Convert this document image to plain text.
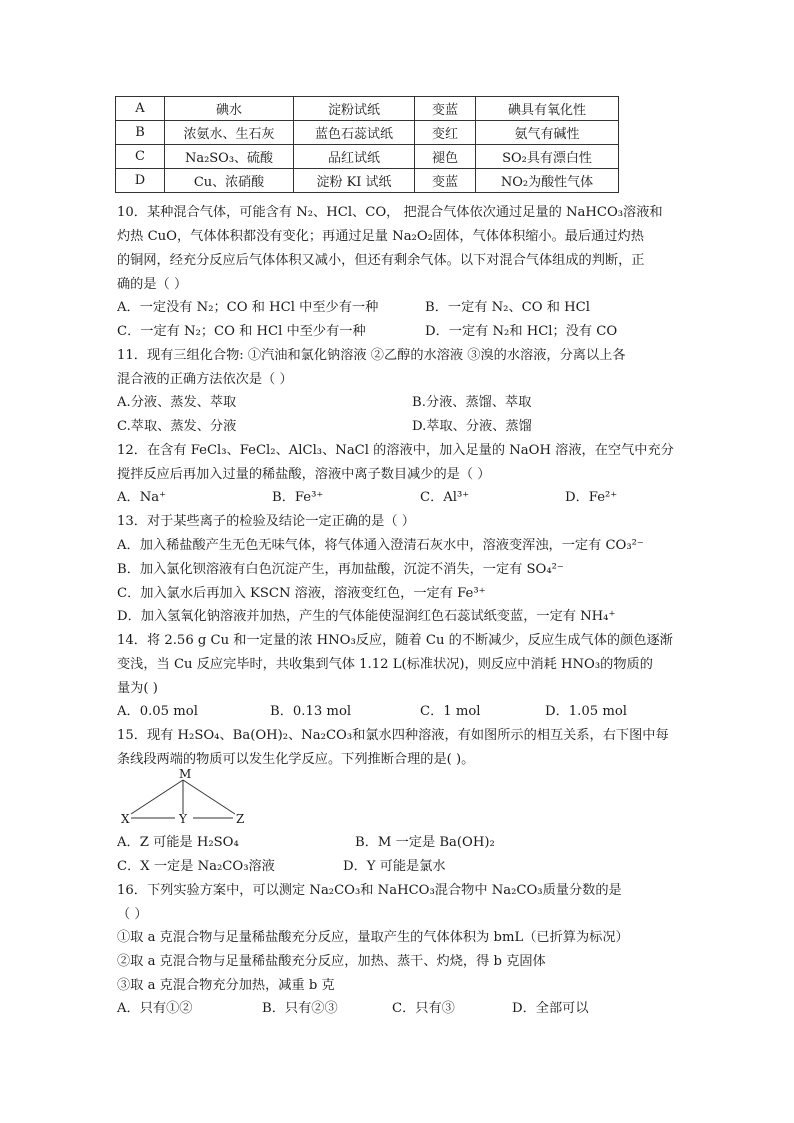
A	碘水	淀粉试纸	变蓝	碘具有氧化性
B	浓氨水、生石灰	蓝色石蕊试纸	变红	氨气有碱性
C	Na₂SO₃、硫酸	品红试纸	褪色	SO₂具有漂白性
D	Cu、浓硝酸	淀粉 KI 试纸	变蓝	NO₂为酸性气体
10．某种混合气体，可能含有 N₂、HCl、CO， 把混合气体依次通过足量的 NaHCO₃溶液和
灼热 CuO，气体体积都没有变化；再通过足量 Na₂O₂固体，气体体积缩小。最后通过灼热
的铜网，经充分反应后气体体积又减小，但还有剩余气体。以下对混合气体组成的判断，正
确的是（ ）
A．一定没有 N₂；CO 和 HCl 中至少有一种	B．一定有 N₂、CO 和 HCl
C．一定有 N₂；CO 和 HCl 中至少有一种	D．一定有 N₂和 HCl；没有 CO
11．现有三组化合物: ①汽油和氯化钠溶液 ②乙醇的水溶液 ③溴的水溶液，分离以上各
混合液的正确方法依次是（ ）
A.分液、蒸发、萃取	B.分液、蒸馏、萃取
C.萃取、蒸发、分液	D.萃取、分液、蒸馏
12．在含有 FeCl₃、FeCl₂、AlCl₃、NaCl 的溶液中，加入足量的 NaOH 溶液，在空气中充分
搅拌反应后再加入过量的稀盐酸，溶液中离子数目减少的是（ ）
A．Na⁺	B．Fe³⁺	C．Al³⁺	D．Fe²⁺
13．对于某些离子的检验及结论一定正确的是（ ）
A．加入稀盐酸产生无色无味气体，将气体通入澄清石灰水中，溶液变浑浊，一定有 CO₃²⁻
B．加入氯化钡溶液有白色沉淀产生，再加盐酸，沉淀不消失，一定有 SO₄²⁻
C．加入氯水后再加入 KSCN 溶液，溶液变红色，一定有 Fe³⁺
D．加入氢氧化钠溶液并加热，产生的气体能使湿润红色石蕊试纸变蓝，一定有 NH₄⁺
14．将 2.56 g Cu 和一定量的浓 HNO₃反应，随着 Cu 的不断减少，反应生成气体的颜色逐渐
变浅，当 Cu 反应完毕时，共收集到气体 1.12 L(标准状况)，则反应中消耗 HNO₃的物质的
量为( )
A．0.05 mol	B．0.13 mol	C．1 mol	D．1.05 mol
15．现有 H₂SO₄、Ba(OH)₂、Na₂CO₃和氯水四种溶液，有如图所示的相互关系，右下图中每
条线段两端的物质可以发生化学反应。下列推断合理的是( )。
M
X	Y	Z
A．Z 可能是 H₂SO₄	B．M 一定是 Ba(OH)₂
C．X 一定是 Na₂CO₃溶液	D．Y 可能是氯水
16．下列实验方案中，可以测定 Na₂CO₃和 NaHCO₃混合物中 Na₂CO₃质量分数的是
（ ）
①取 a 克混合物与足量稀盐酸充分反应，量取产生的气体体积为 bmL（已折算为标况）
②取 a 克混合物与足量稀盐酸充分反应，加热、蒸干、灼烧，得 b 克固体
③取 a 克混合物充分加热，减重 b 克
A．只有①②	B．只有②③	C．只有③	D．全部可以
